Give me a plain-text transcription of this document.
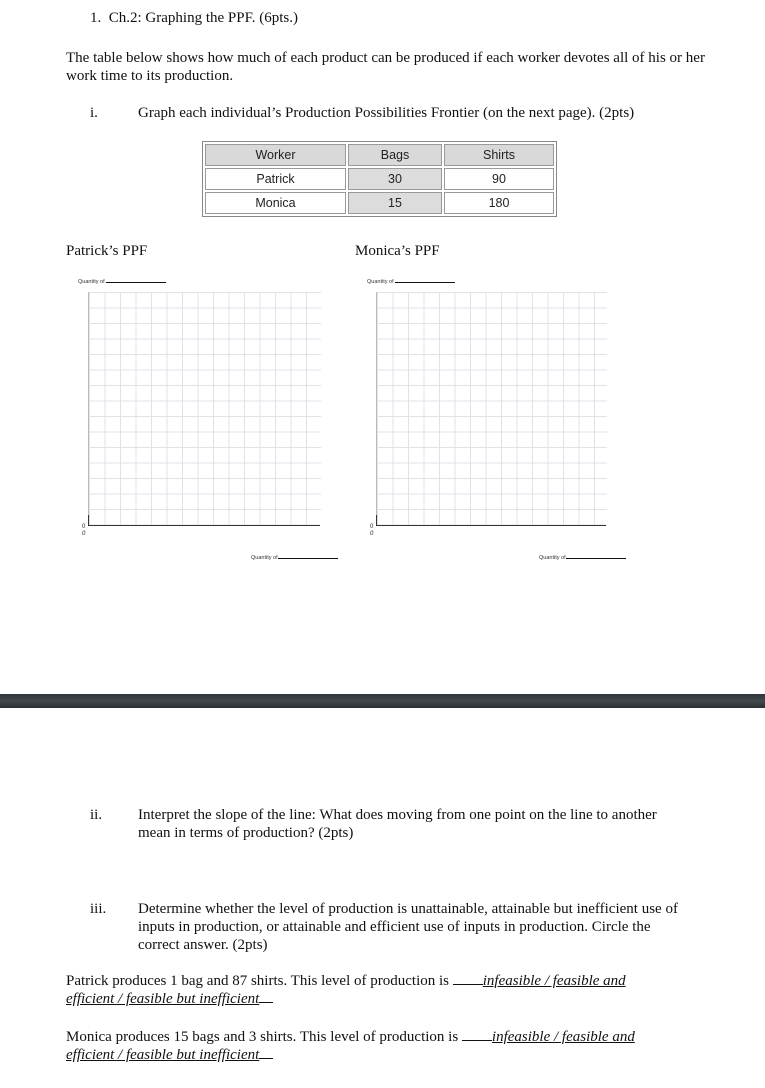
1. Ch.2: Graphing the PPF. (6pts.)
The table below shows how much of each product can be produced if each worker devotes all of his or her work time to its production.
i.	Graph each individual’s Production Possibilities Frontier (on the next page). (2pts)
Worker	Bags	Shirts
Patrick	30	90
Monica	15	180
Patrick’s PPF	Monica’s PPF
Quantity of
0
0
Quantity of
Quantity of
0
0
Quantity of
ii. Interpret the slope of the line: What does moving from one point on the line to another mean in terms of production? (2pts)
iii. Determine whether the level of production is unattainable, attainable but inefficient use of inputs in production, or attainable and efficient use of inputs in production. Circle the correct answer. (2pts)
Patrick produces 1 bag and 87 shirts. This level of production is infeasible / feasible and
efficient / feasible but inefficient
Monica produces 15 bags and 3 shirts. This level of production is infeasible / feasible and
efficient / feasible but inefficient
